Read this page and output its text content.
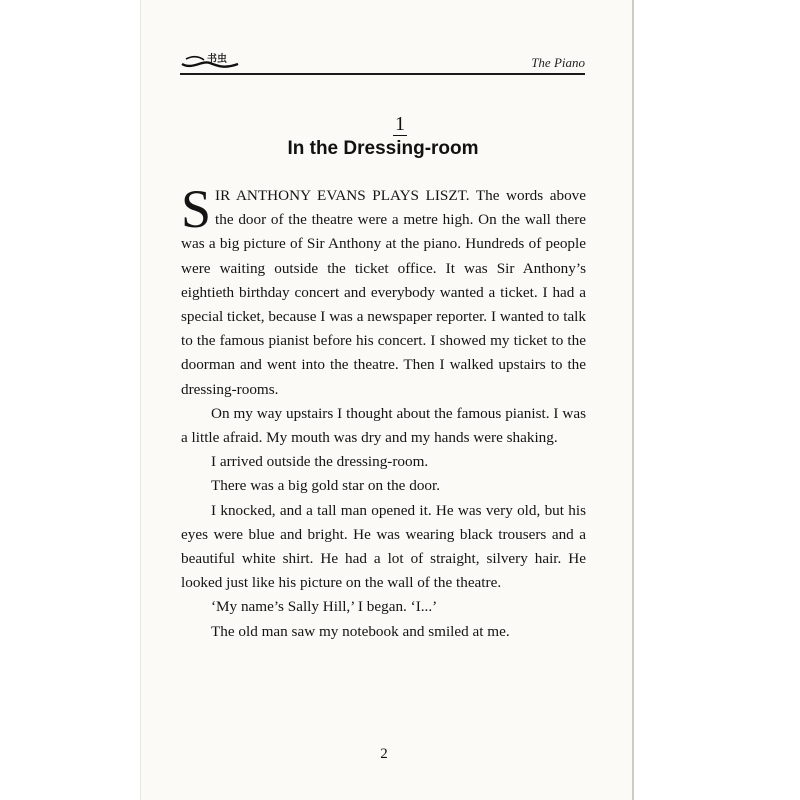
书虫	The Piano
1
In the Dressing-room

SIR ANTHONY EVANS PLAYS LISZT. The words above the door of the theatre were a metre high. On the wall there was a big picture of Sir Anthony at the piano. Hundreds of people were waiting outside the ticket office. It was Sir Anthony’s eightieth birthday concert and everybody wanted a ticket. I had a special ticket, because I was a newspaper reporter. I wanted to talk to the famous pianist before his concert. I showed my ticket to the doorman and went into the theatre. Then I walked upstairs to the dressing-rooms.

On my way upstairs I thought about the famous pianist. I was a little afraid. My mouth was dry and my hands were shaking.

I arrived outside the dressing-room.

There was a big gold star on the door.

I knocked, and a tall man opened it. He was very old, but his eyes were blue and bright. He was wearing black trousers and a beautiful white shirt. He had a lot of straight, silvery hair. He looked just like his picture on the wall of the theatre.

‘My name’s Sally Hill,’ I began. ‘I...’

The old man saw my notebook and smiled at me.

2
